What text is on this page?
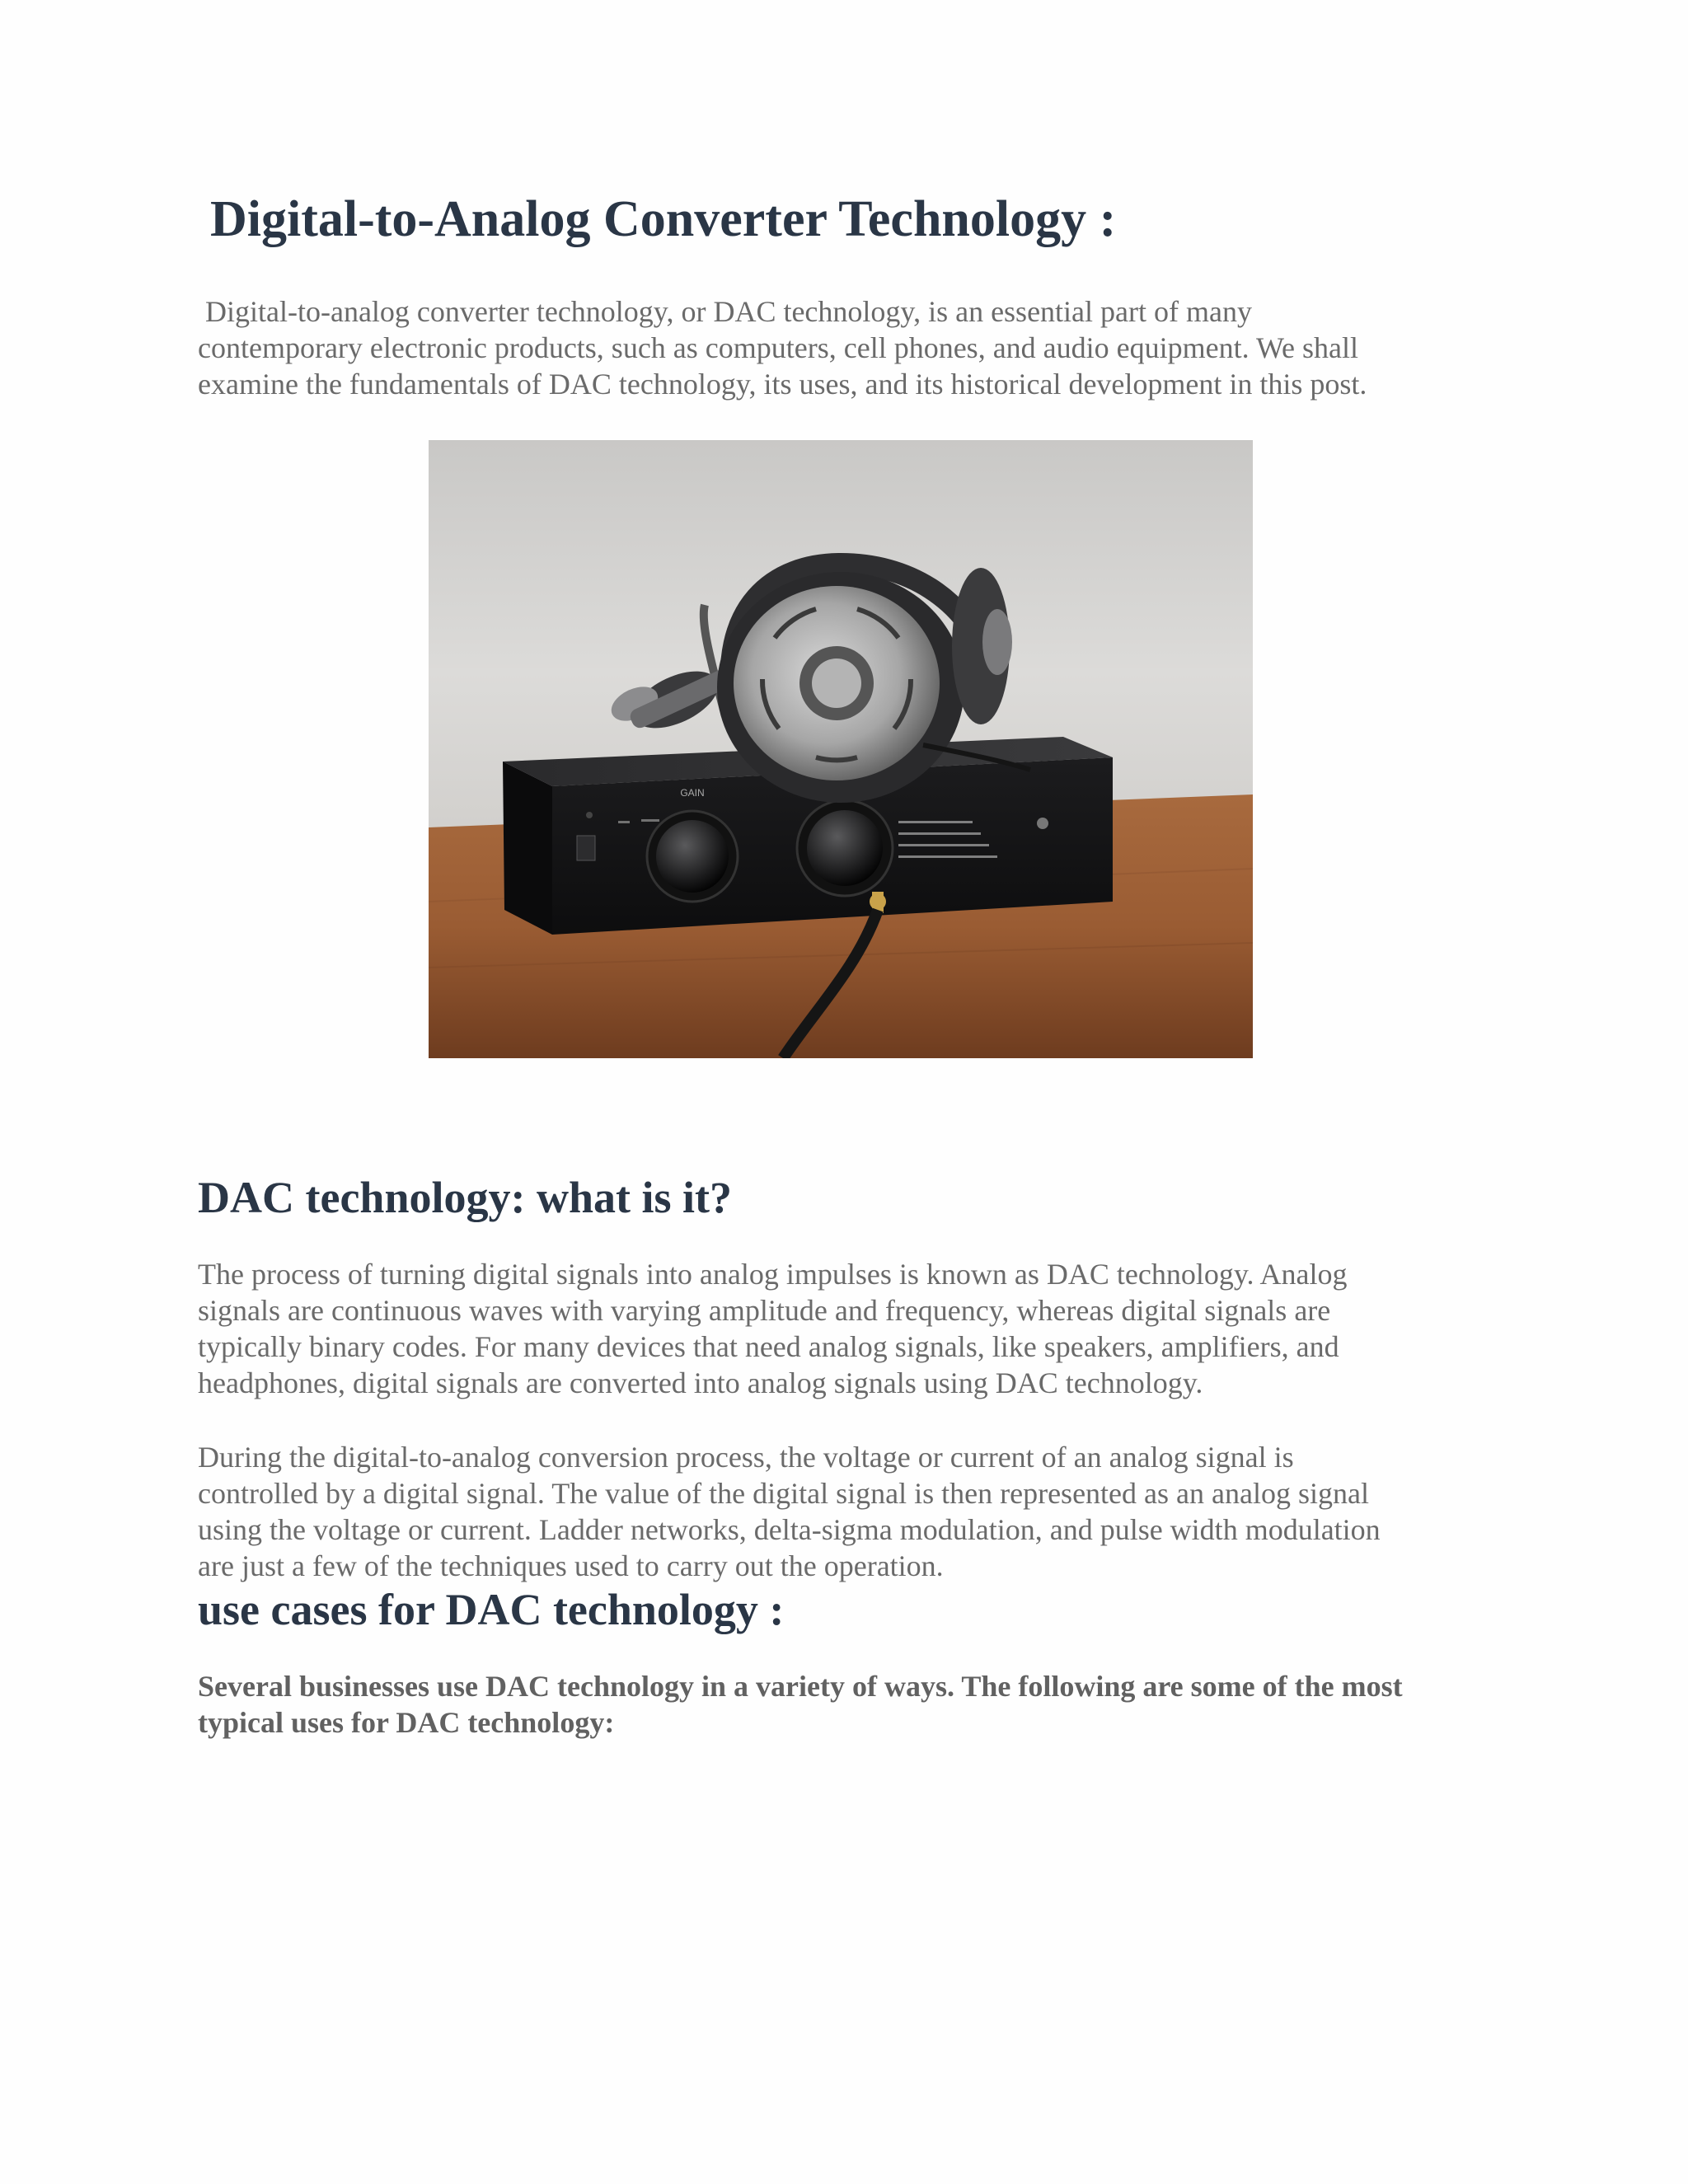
Digital-to-Analog Converter Technology :

Digital-to-analog converter technology, or DAC technology, is an essential part of many
contemporary electronic products, such as computers, cell phones, and audio equipment. We shall
examine the fundamentals of DAC technology, its uses, and its historical development in this post.

GAIN
DAC technology: what is it?

The process of turning digital signals into analog impulses is known as DAC technology. Analog
signals are continuous waves with varying amplitude and frequency, whereas digital signals are
typically binary codes. For many devices that need analog signals, like speakers, amplifiers, and
headphones, digital signals are converted into analog signals using DAC technology.

During the digital-to-analog conversion process, the voltage or current of an analog signal is
controlled by a digital signal. The value of the digital signal is then represented as an analog signal
using the voltage or current. Ladder networks, delta-sigma modulation, and pulse width modulation
are just a few of the techniques used to carry out the operation.

use cases for DAC technology :

Several businesses use DAC technology in a variety of ways. The following are some of the most
typical uses for DAC technology:
